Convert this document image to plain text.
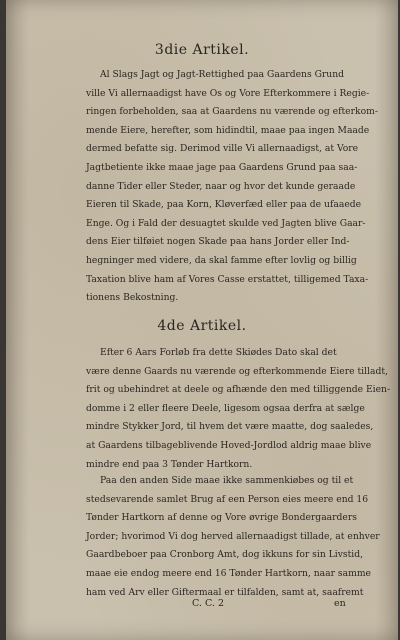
3die Artikel.

Al Slags Jagt og Jagt-Rettighed paa Gaardens Grund
ville Vi allernaadigst have Os og Vore Efterkommere i Regie-
ringen forbeholden, saa at Gaardens nu værende og efterkom-
mende Eiere, herefter, som hidindtil, maae paa ingen Maade
dermed befatte sig. Derimod ville Vi allernaadigst, at Vore
Jagtbetiente ikke maae jage paa Gaardens Grund paa saa-
danne Tider eller Steder, naar og hvor det kunde geraade
Eieren til Skade, paa Korn, Kløverfæd eller paa de ufaaede
Enge. Og i Fald der desuagtet skulde ved Jagten blive Gaar-
dens Eier tilføiet nogen Skade paa hans Jorder eller Ind-
hegninger med videre, da skal famme efter lovlig og billig
Taxation blive ham af Vores Casse erstattet, tilligemed Taxa-
tionens Bekostning.

4de Artikel.

Efter 6 Aars Forløb fra dette Skiødes Dato skal det
være denne Gaards nu værende og efterkommende Eiere tilladt,
frit og ubehindret at deele og afhænde den med tilliggende Eien-
domme i 2 eller fleere Deele, ligesom ogsaa derfra at sælge
mindre Stykker Jord, til hvem det være maatte, dog saaledes,
at Gaardens tilbageblivende Hoved-Jordlod aldrig maae blive
mindre end paa 3 Tønder Hartkorn.

Paa den anden Side maae ikke sammenkiøbes og til et
stedsevarende samlet Brug af een Person eies meere end 16
Tønder Hartkorn af denne og Vore øvrige Bondergaarders
Jorder; hvorimod Vi dog herved allernaadigst tillade, at enhver
Gaardbeboer paa Cronborg Amt, dog ikkuns for sin Livstid,
maae eie endog meere end 16 Tønder Hartkorn, naar samme
ham ved Arv eller Giftermaal er tilfalden, samt at, saafremt

C. C. 2	en
